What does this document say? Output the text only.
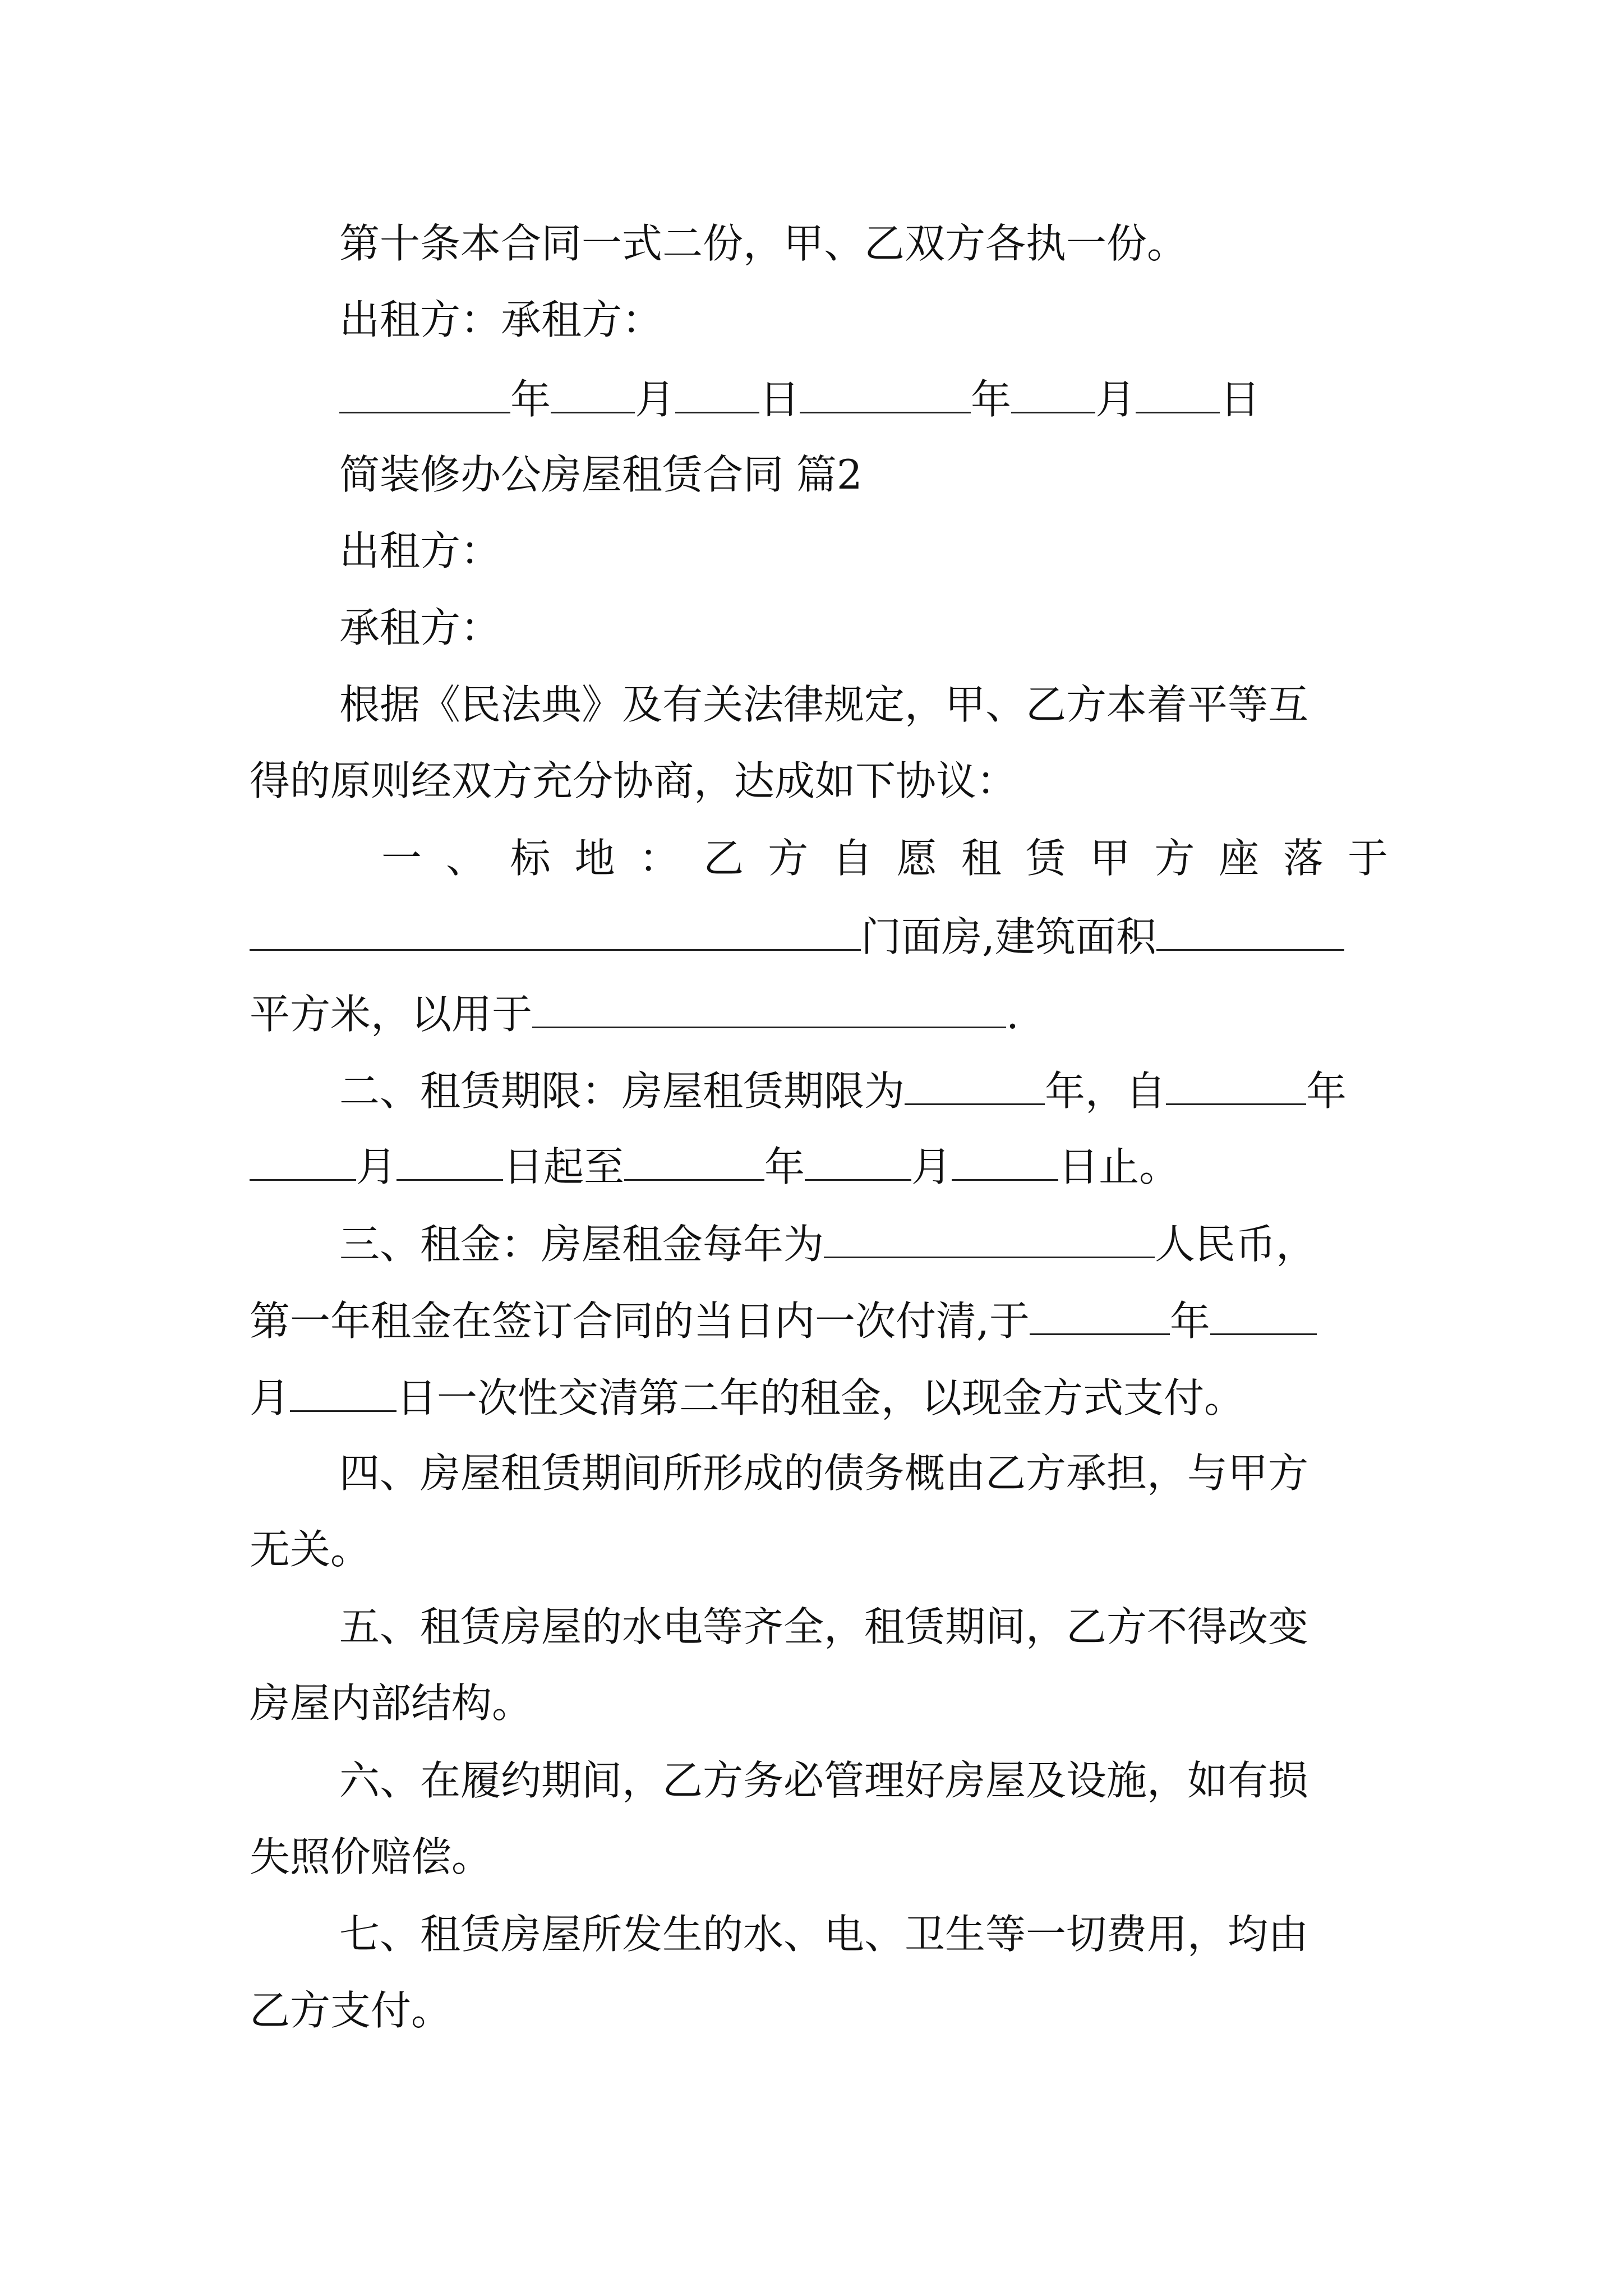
第十条本合同一式二份，甲、乙双方各执一份。
出租方：承租方：
年 月 日	年 月 日
简装修办公房屋租赁合同 篇2
出租方：
承租方：
根据《民法典》及有关法律规定，甲、乙方本着平等互
得的原则经双方充分协商，达成如下协议：
一 、 标 地 ： 乙 方 自 愿 租 赁 甲 方 座 落 于
门面房,建筑面积
平方米，以用于	.
二、租赁期限：房屋租赁期限为	年，自	年
月	日起至	年	月	日止。
三、租金：房屋租金每年为	人民币，
第一年租金在签订合同的当日内一次付清,于	年
月	日一次性交清第二年的租金，以现金方式支付。
四、房屋租赁期间所形成的债务概由乙方承担，与甲方
无关。
五、租赁房屋的水电等齐全，租赁期间，乙方不得改变
房屋内部结构。
六、在履约期间，乙方务必管理好房屋及设施，如有损
失照价赔偿。
七、租赁房屋所发生的水、电、卫生等一切费用，均由
乙方支付。
